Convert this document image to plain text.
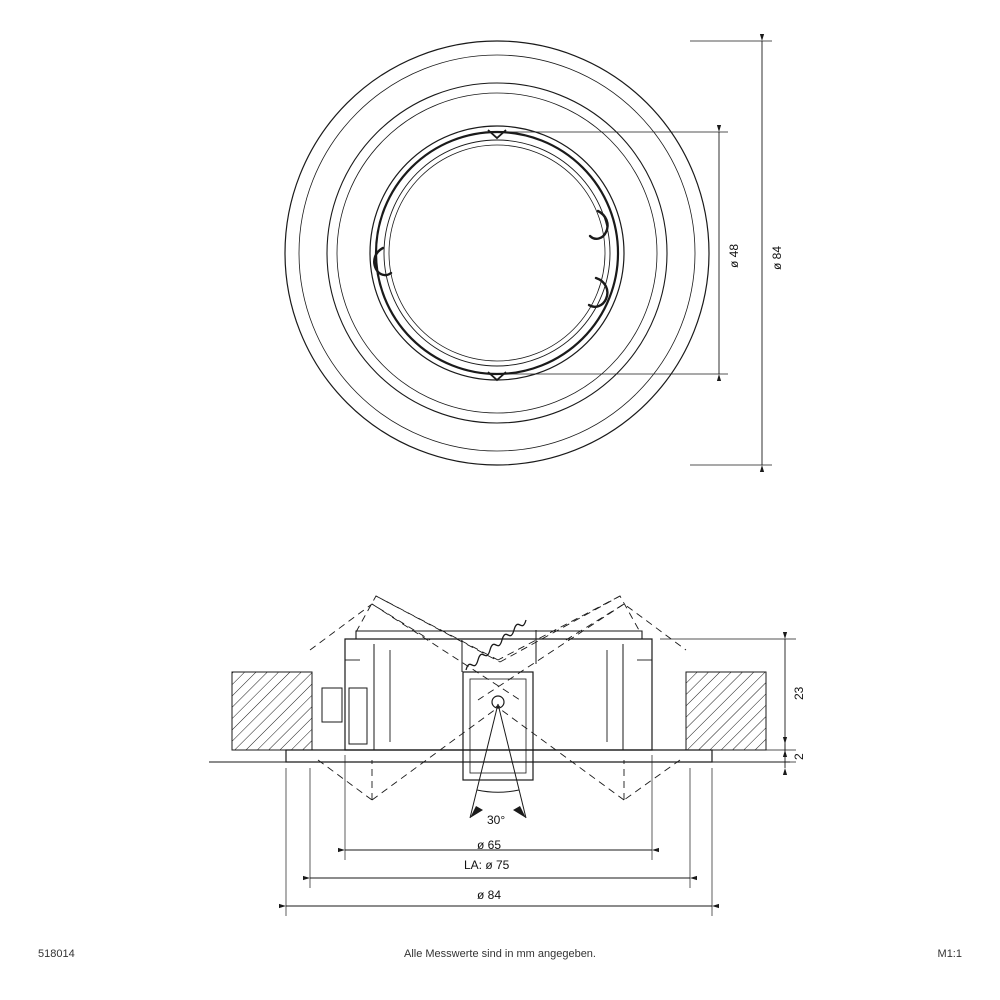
ø 48 ø 84
23
2
30°
ø 65
LA: ø 75
ø 84
518014	Alle Messwerte sind in mm angegeben.	M1:1
